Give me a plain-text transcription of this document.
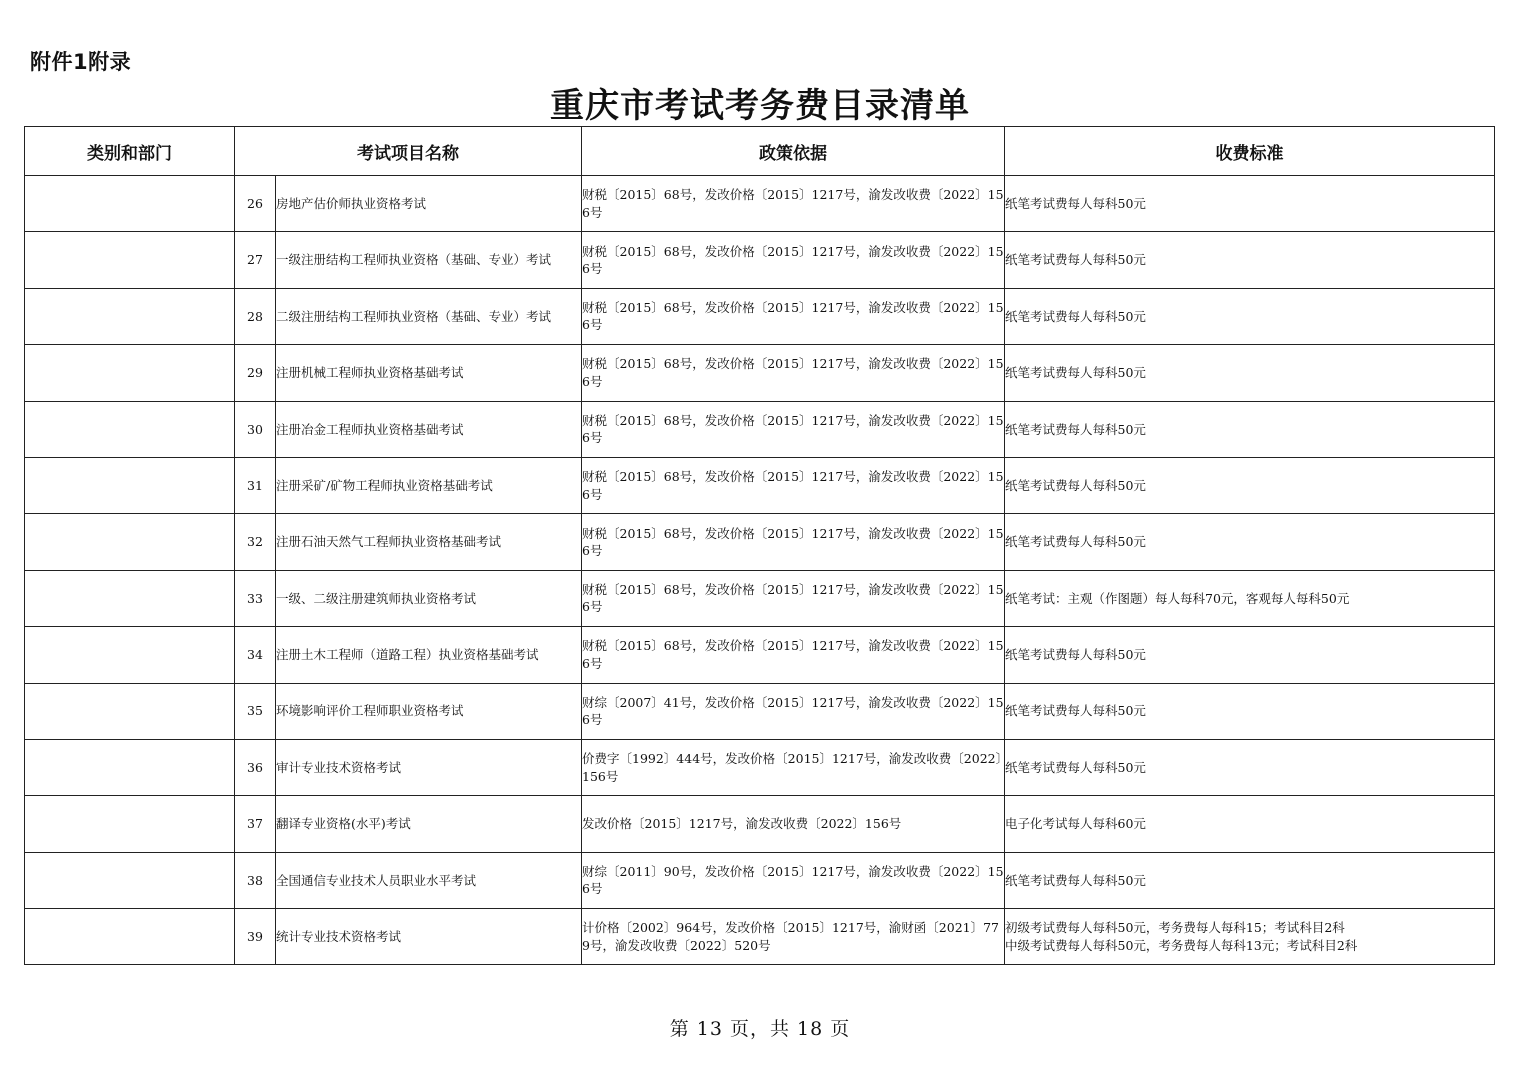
附件1附录
重庆市考试考务费目录清单
类别和部门	考试项目名称		政策依据	收费标准
	26	房地产估价师执业资格考试	财税〔2015〕68号，发改价格〔2015〕1217号，渝发改收费〔2022〕156号	纸笔考试费每人每科50元
	27	一级注册结构工程师执业资格（基础、专业）考试	财税〔2015〕68号，发改价格〔2015〕1217号，渝发改收费〔2022〕156号	纸笔考试费每人每科50元
	28	二级注册结构工程师执业资格（基础、专业）考试	财税〔2015〕68号，发改价格〔2015〕1217号，渝发改收费〔2022〕156号	纸笔考试费每人每科50元
	29	注册机械工程师执业资格基础考试	财税〔2015〕68号，发改价格〔2015〕1217号，渝发改收费〔2022〕156号	纸笔考试费每人每科50元
	30	注册冶金工程师执业资格基础考试	财税〔2015〕68号，发改价格〔2015〕1217号，渝发改收费〔2022〕156号	纸笔考试费每人每科50元
	31	注册采矿/矿物工程师执业资格基础考试	财税〔2015〕68号，发改价格〔2015〕1217号，渝发改收费〔2022〕156号	纸笔考试费每人每科50元
	32	注册石油天然气工程师执业资格基础考试	财税〔2015〕68号，发改价格〔2015〕1217号，渝发改收费〔2022〕156号	纸笔考试费每人每科50元
	33	一级、二级注册建筑师执业资格考试	财税〔2015〕68号，发改价格〔2015〕1217号，渝发改收费〔2022〕156号	纸笔考试：主观（作图题）每人每科70元，客观每人每科50元
	34	注册土木工程师（道路工程）执业资格基础考试	财税〔2015〕68号，发改价格〔2015〕1217号，渝发改收费〔2022〕156号	纸笔考试费每人每科50元
	35	环境影响评价工程师职业资格考试	财综〔2007〕41号，发改价格〔2015〕1217号，渝发改收费〔2022〕156号	纸笔考试费每人每科50元
	36	审计专业技术资格考试	价费字〔1992〕444号，发改价格〔2015〕1217号，渝发改收费〔2022〕156号	纸笔考试费每人每科50元
	37	翻译专业资格(水平)考试	发改价格〔2015〕1217号，渝发改收费〔2022〕156号	电子化考试每人每科60元
	38	全国通信专业技术人员职业水平考试	财综〔2011〕90号，发改价格〔2015〕1217号，渝发改收费〔2022〕156号	纸笔考试费每人每科50元
	39	统计专业技术资格考试	计价格〔2002〕964号，发改价格〔2015〕1217号，渝财函〔2021〕779号，渝发改收费〔2022〕520号	初级考试费每人每科50元，考务费每人每科15；考试科目2科
中级考试费每人每科50元，考务费每人每科13元；考试科目2科
第 13 页，共 18 页
